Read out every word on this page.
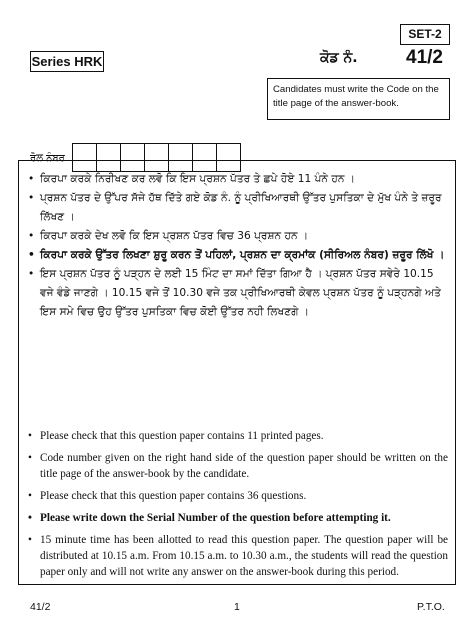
SET-2
Series HRK	ਕੋਡ ਨੰ.	41/2
Candidates must write the Code on the title page of the answer-book.
ਰੋਲ ਨੰਬਰ
• ਕਿਰਪਾ ਕਰਕੇ ਨਿਰੀਖਣ ਕਰ ਲਵੋ ਕਿ ਇਸ ਪ੍ਰਸ਼ਨ ਪੱਤਰ ਤੇ ਛਪੇ ਹੋਏ 11 ਪੰਨੇ ਹਨ ।
• ਪ੍ਰਸ਼ਨ ਪੱਤਰ ਦੇ ਉੱਪਰ ਸੱਜੇ ਹੱਥ ਦਿੱਤੇ ਗਏ ਕੋਡ ਨੰ. ਨੂੰ ਪ੍ਰੀਖਿਆਰਥੀ ਉੱਤਰ ਪੁਸਤਿਕਾ ਦੇ ਮੁੱਖ ਪੰਨੇ ਤੇ ਜ਼ਰੂਰ ਲਿੱਖਣ ।
• ਕਿਰਪਾ ਕਰਕੇ ਦੇਖ ਲਵੋ ਕਿ ਇਸ ਪ੍ਰਸ਼ਨ ਪੱਤਰ ਵਿਚ 36 ਪ੍ਰਸ਼ਨ ਹਨ ।
• ਕਿਰਪਾ ਕਰਕੇ ਉੱਤਰ ਲਿਖਣਾ ਸ਼ੁਰੂ ਕਰਨ ਤੋਂ ਪਹਿਲਾਂ, ਪ੍ਰਸ਼ਨ ਦਾ ਕ੍ਰਮਾਂਕ (ਸੀਰਿਅਲ ਨੰਬਰ) ਜ਼ਰੂਰ ਲਿੱਖੋ ।
• ਇਸ ਪ੍ਰਸ਼ਨ ਪੱਤਰ ਨੂੰ ਪੜ੍ਹਨ ਦੇ ਲਈ 15 ਮਿੰਟ ਦਾ ਸਮਾਂ ਦਿੱਤਾ ਗਿਆ ਹੈ । ਪ੍ਰਸ਼ਨ ਪੱਤਰ ਸਵੇਰੇ 10.15 ਵਜੇ ਵੰਡੇ ਜਾਣਗੇ । 10.15 ਵਜੇ ਤੋਂ 10.30 ਵਜੇ ਤਕ ਪ੍ਰੀਖਿਆਰਥੀ ਕੇਵਲ ਪ੍ਰਸ਼ਨ ਪੱਤਰ ਨੂੰ ਪੜ੍ਹਨਗੇ ਅਤੇ ਇਸ ਸਮੇ ਵਿਚ ਉਹ ਉੱਤਰ ਪੁਸਤਿਕਾ ਵਿਚ ਕੋਈ ਉੱਤਰ ਨਹੀ ਲਿਖਣਗੇ ।
• Please check that this question paper contains 11 printed pages.
• Code number given on the right hand side of the question paper should be written on the title page of the answer-book by the candidate.
• Please check that this question paper contains 36 questions.
• Please write down the Serial Number of the question before attempting it.
• 15 minute time has been allotted to read this question paper. The question paper will be distributed at 10.15 a.m. From 10.15 a.m. to 10.30 a.m., the students will read the question paper only and will not write any answer on the answer-book during this period.
41/2	1	P.T.O.
